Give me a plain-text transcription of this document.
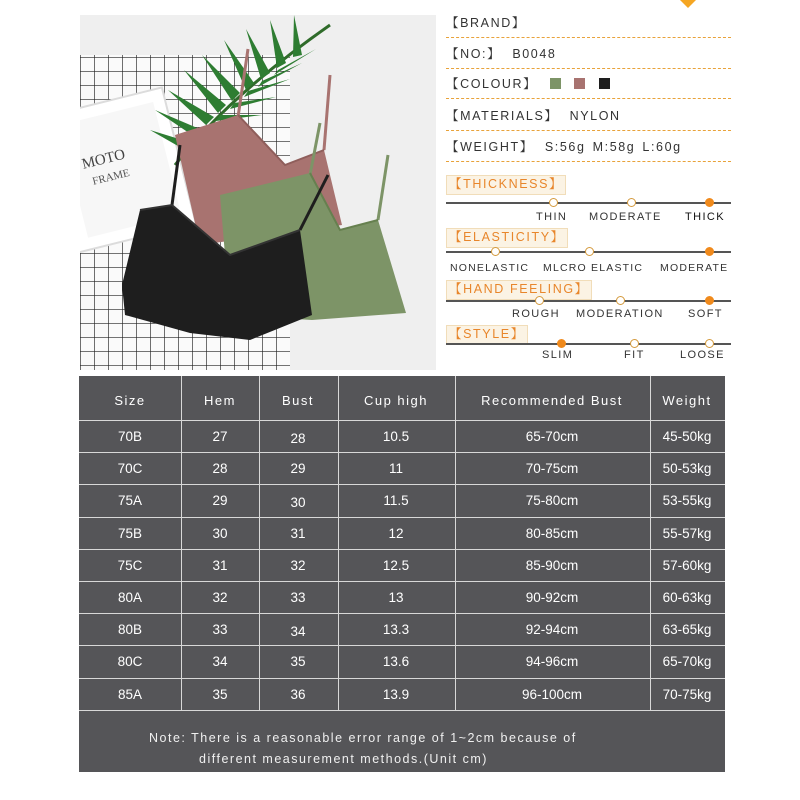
MOTO
FRAME
【BRAND】
【NO:】 B0048
【COLOUR】
【MATERIALS】 NYLON
【WEIGHT】 S:56g M:58g L:60g
【THICKNESS】
THIN MODERATE THICK
【ELASTICITY】
NONELASTIC MLCRO ELASTIC MODERATE
【HAND FEELING】
ROUGH MODERATION SOFT
【STYLE】
SLIM	FIT	LOOSE
Size	Hem	Bust	Cup high	Recommended Bust	Weight
70B	27	28	10.5	65-70cm	45-50kg
70C	28	29	11	70-75cm	50-53kg
75A	29	30	11.5	75-80cm	53-55kg
75B	30	31	12	80-85cm	55-57kg
75C	31	32	12.5	85-90cm	57-60kg
80A	32	33	13	90-92cm	60-63kg
80B	33	34	13.3	92-94cm	63-65kg
80C	34	35	13.6	94-96cm	65-70kg
85A	35	36	13.9	96-100cm	70-75kg
Note: There is a reasonable error range of 1~2cm because of
different measurement methods.(Unit cm)
